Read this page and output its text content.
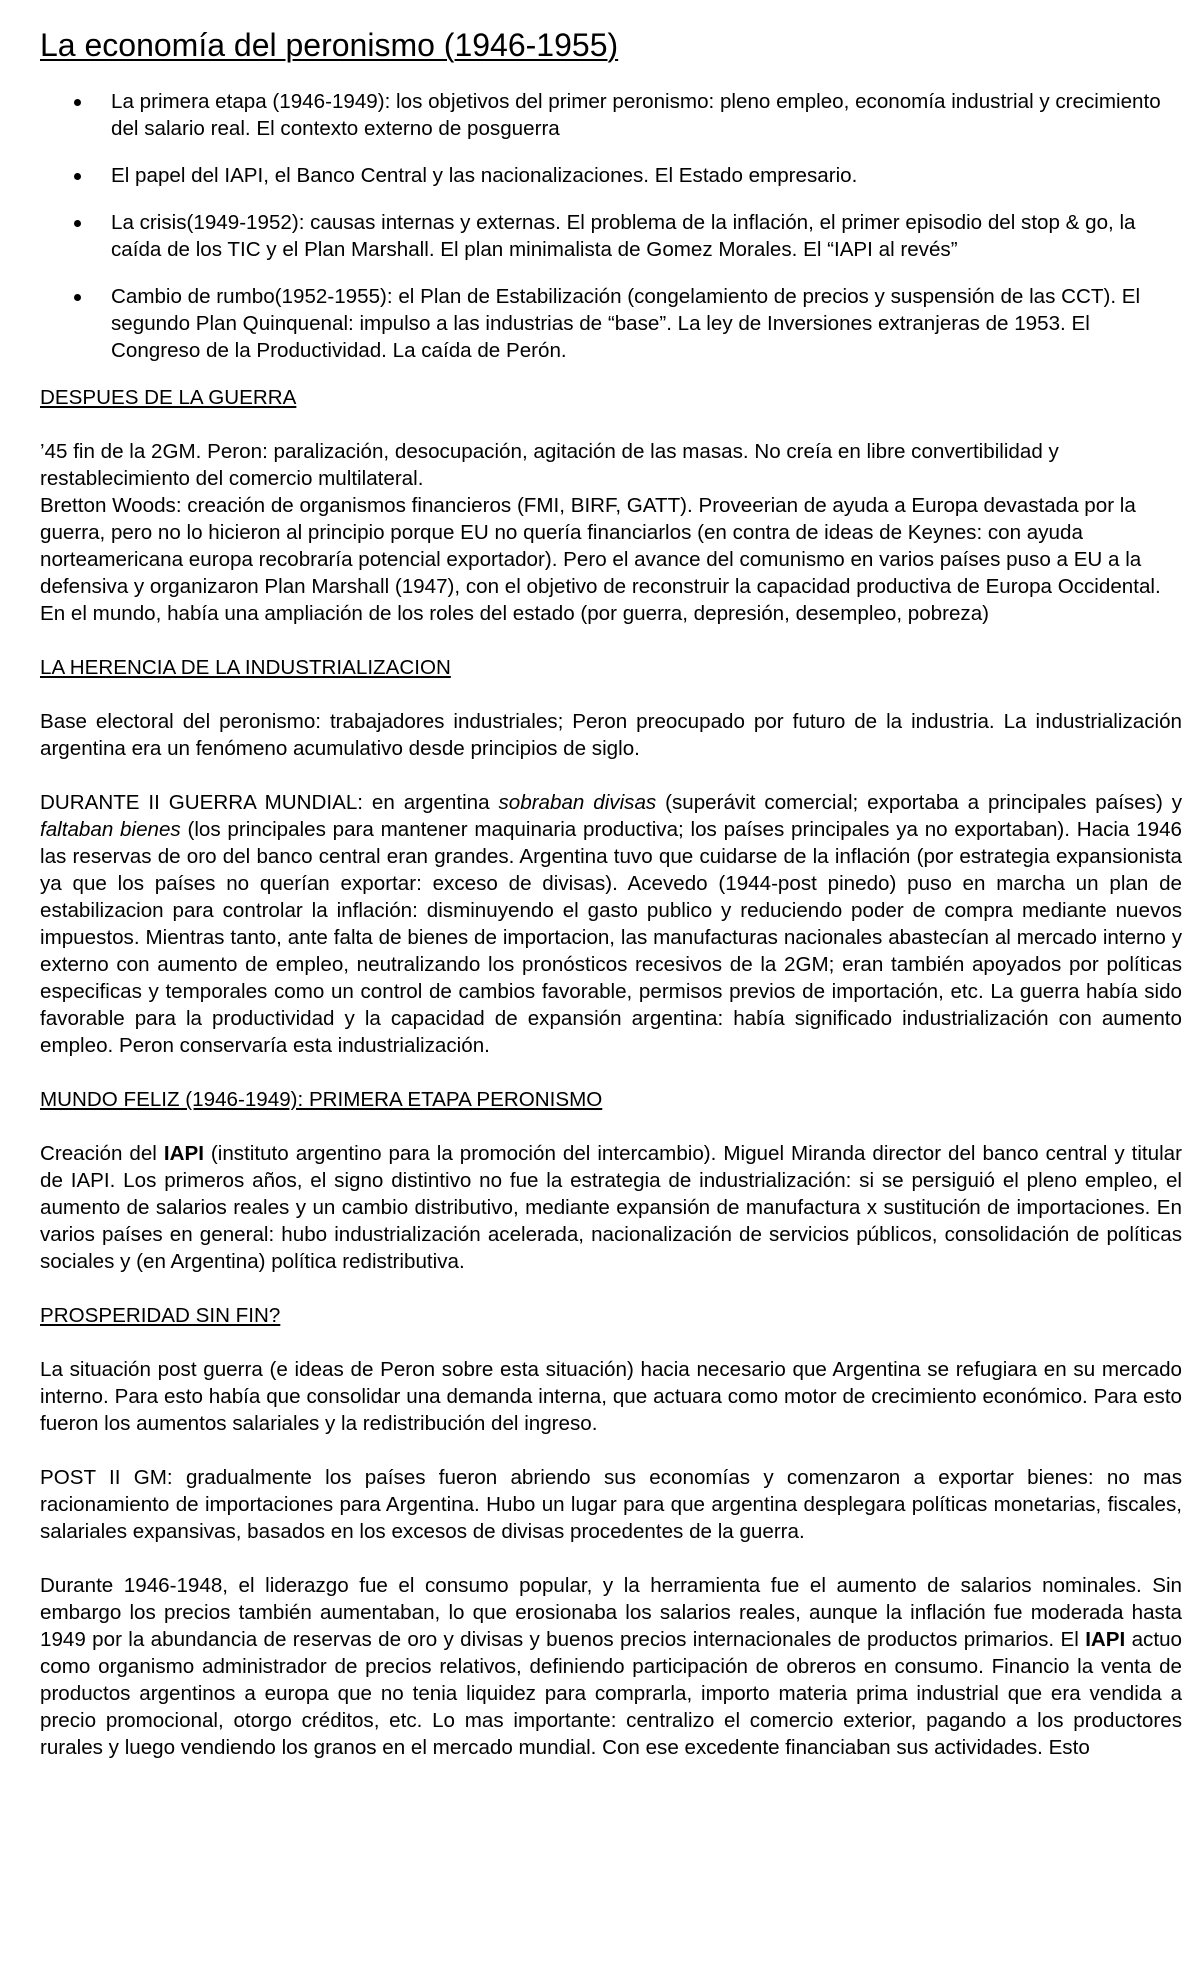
La economía del peronismo (1946-1955)
La primera etapa (1946-1949): los objetivos del primer peronismo: pleno empleo, economía industrial y crecimiento del salario real. El contexto externo de posguerra
El papel del IAPI, el Banco Central y las nacionalizaciones. El Estado empresario.
La crisis(1949-1952): causas internas y externas. El problema de la inflación, el primer episodio del stop & go, la caída de los TIC y el Plan Marshall. El plan minimalista de Gomez Morales. El “IAPI al revés”
Cambio de rumbo(1952-1955): el Plan de Estabilización (congelamiento de precios y suspensión de las CCT). El segundo Plan Quinquenal: impulso a las industrias de “base”. La ley de Inversiones extranjeras de 1953. El Congreso de la Productividad. La caída de Perón.

DESPUES DE LA GUERRA

’45 fin de la 2GM. Peron: paralización, desocupación, agitación de las masas. No creía en libre convertibilidad y restablecimiento del comercio multilateral.

Bretton Woods: creación de organismos financieros (FMI, BIRF, GATT). Proveerian de ayuda a Europa devastada por la guerra, pero no lo hicieron al principio porque EU no quería financiarlos (en contra de ideas de Keynes: con ayuda norteamericana europa recobraría potencial exportador). Pero el avance del comunismo en varios países puso a EU a la defensiva y organizaron Plan Marshall (1947), con el objetivo de reconstruir la capacidad productiva de Europa Occidental.

En el mundo, había una ampliación de los roles del estado (por guerra, depresión, desempleo, pobreza)

LA HERENCIA DE LA INDUSTRIALIZACION

Base electoral del peronismo: trabajadores industriales; Peron preocupado por futuro de la industria. La industrialización argentina era un fenómeno acumulativo desde principios de siglo.

DURANTE II GUERRA MUNDIAL: en argentina sobraban divisas (superávit comercial; exportaba a principales países) y faltaban bienes (los principales para mantener maquinaria productiva; los países principales ya no exportaban). Hacia 1946 las reservas de oro del banco central eran grandes. Argentina tuvo que cuidarse de la inflación (por estrategia expansionista ya que los países no querían exportar: exceso de divisas). Acevedo (1944-post pinedo) puso en marcha un plan de estabilizacion para controlar la inflación: disminuyendo el gasto publico y reduciendo poder de compra mediante nuevos impuestos. Mientras tanto, ante falta de bienes de importacion, las manufacturas nacionales abastecían al mercado interno y externo con aumento de empleo, neutralizando los pronósticos recesivos de la 2GM; eran también apoyados por políticas especificas y temporales como un control de cambios favorable, permisos previos de importación, etc. La guerra había sido favorable para la productividad y la capacidad de expansión argentina: había significado industrialización con aumento empleo. Peron conservaría esta industrialización.

MUNDO FELIZ (1946-1949): PRIMERA ETAPA PERONISMO

Creación del IAPI (instituto argentino para la promoción del intercambio). Miguel Miranda director del banco central y titular de IAPI. Los primeros años, el signo distintivo no fue la estrategia de industrialización: si se persiguió el pleno empleo, el aumento de salarios reales y un cambio distributivo, mediante expansión de manufactura x sustitución de importaciones. En varios países en general: hubo industrialización acelerada, nacionalización de servicios públicos, consolidación de políticas sociales y (en Argentina) política redistributiva.

PROSPERIDAD SIN FIN?

La situación post guerra (e ideas de Peron sobre esta situación) hacia necesario que Argentina se refugiara en su mercado interno. Para esto había que consolidar una demanda interna, que actuara como motor de crecimiento económico. Para esto fueron los aumentos salariales y la redistribución del ingreso.

POST II GM: gradualmente los países fueron abriendo sus economías y comenzaron a exportar bienes: no mas racionamiento de importaciones para Argentina. Hubo un lugar para que argentina desplegara políticas monetarias, fiscales, salariales expansivas, basados en los excesos de divisas procedentes de la guerra.

Durante 1946-1948, el liderazgo fue el consumo popular, y la herramienta fue el aumento de salarios nominales. Sin embargo los precios también aumentaban, lo que erosionaba los salarios reales, aunque la inflación fue moderada hasta 1949 por la abundancia de reservas de oro y divisas y buenos precios internacionales de productos primarios. El IAPI actuo como organismo administrador de precios relativos, definiendo participación de obreros en consumo. Financio la venta de productos argentinos a europa que no tenia liquidez para comprarla, importo materia prima industrial que era vendida a precio promocional, otorgo créditos, etc. Lo mas importante: centralizo el comercio exterior, pagando a los productores rurales y luego vendiendo los granos en el mercado mundial. Con ese excedente financiaban sus actividades. Esto
